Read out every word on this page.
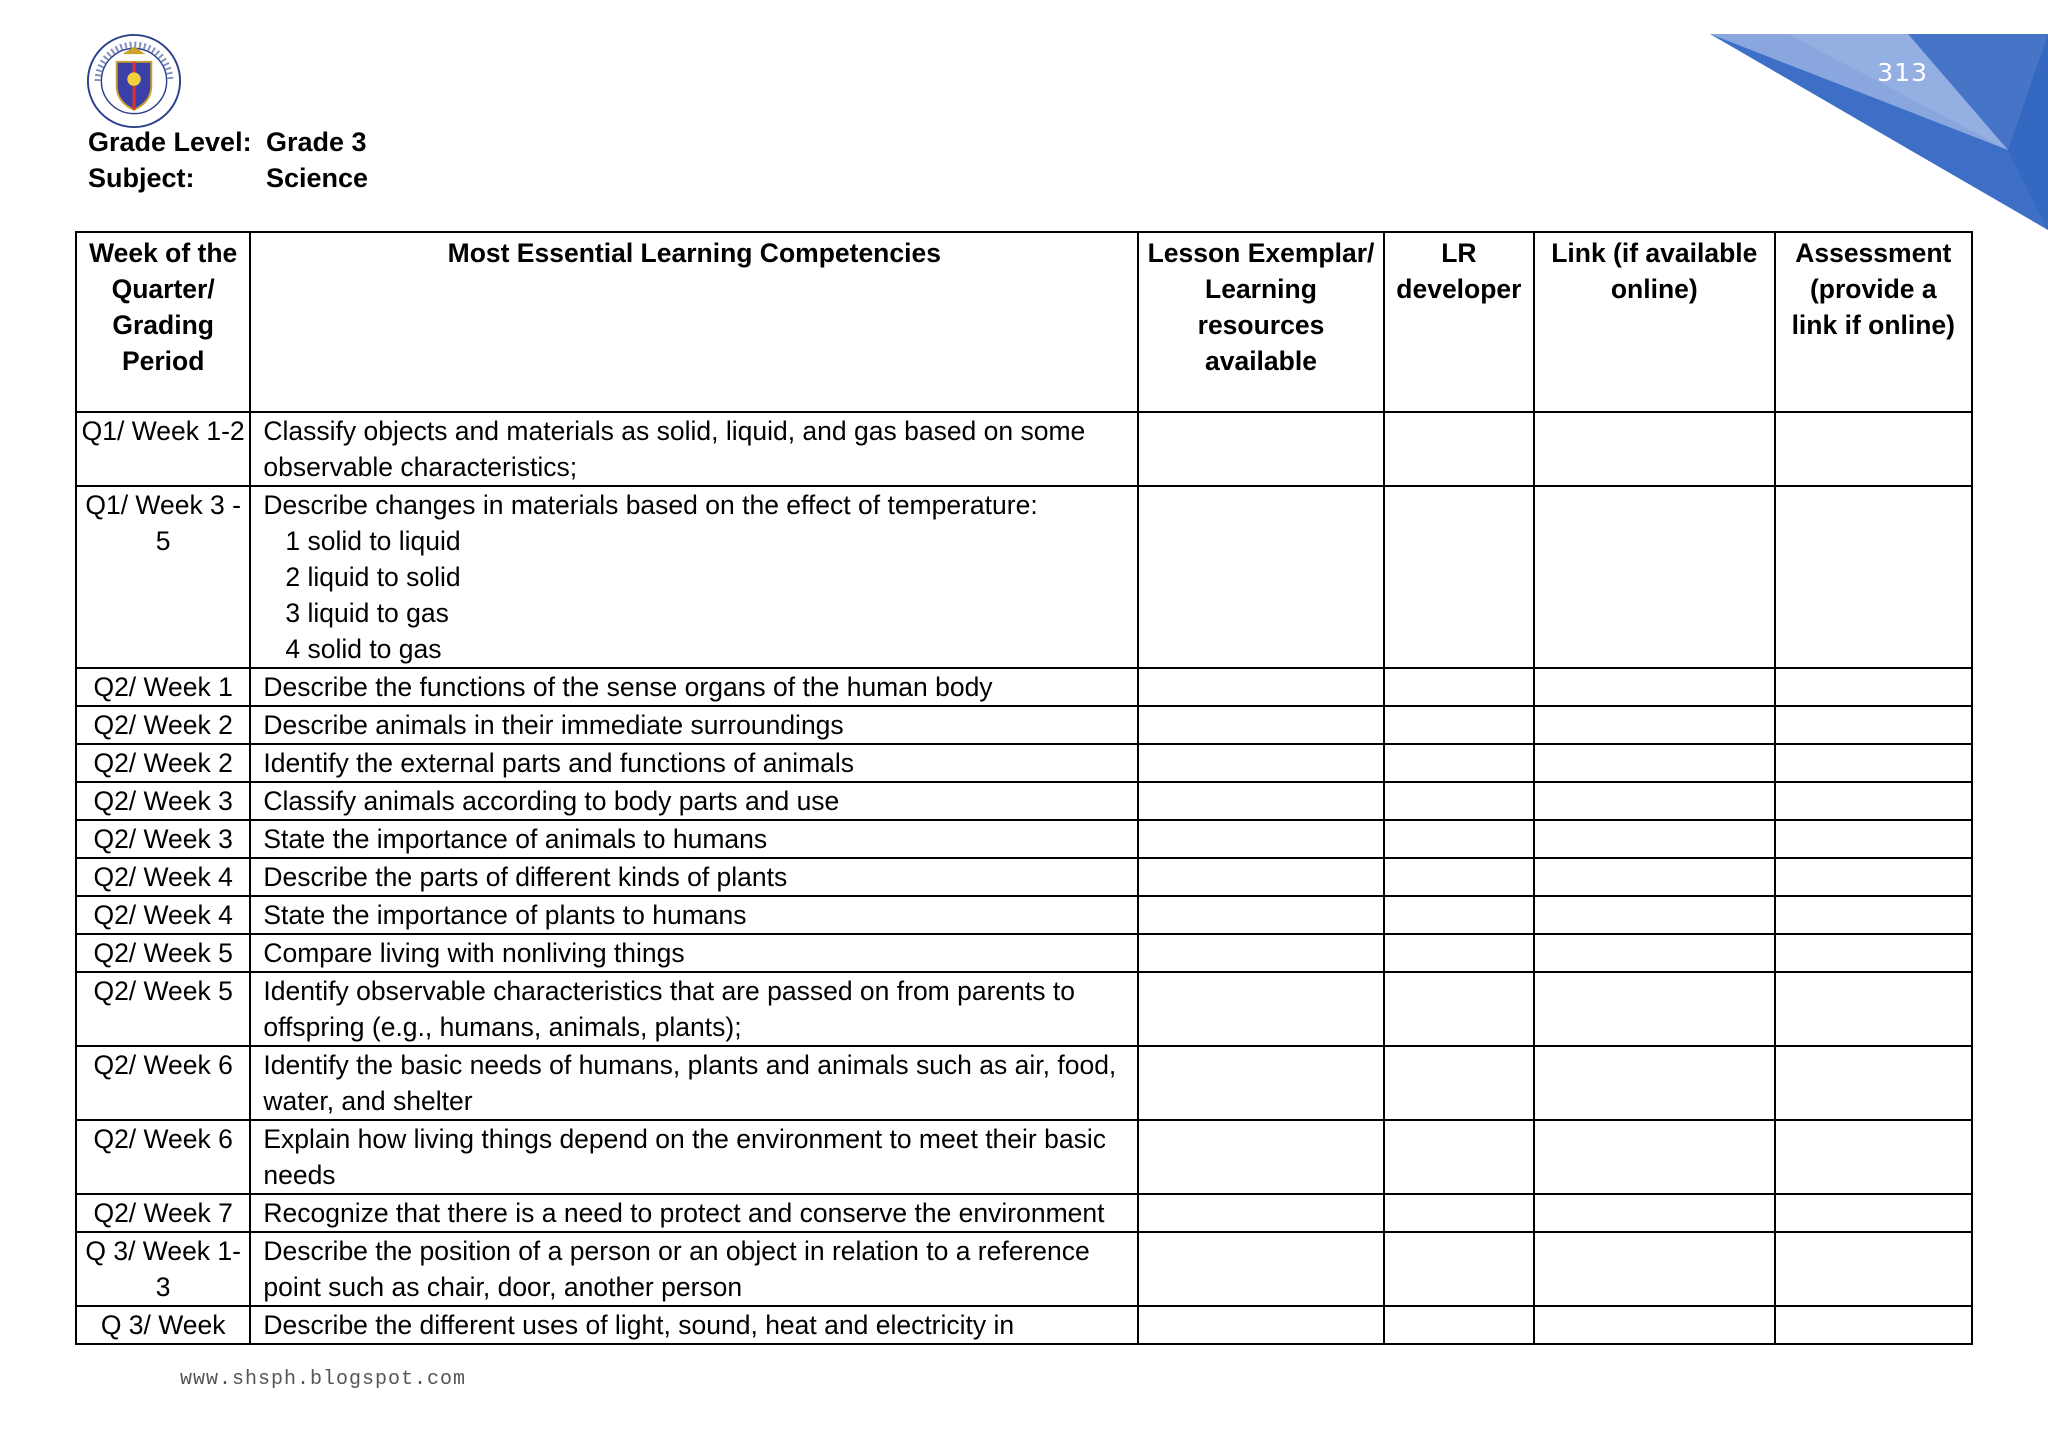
313
Grade Level: Grade 3
Subject:	Science
Week of the Quarter/ Grading Period	Most Essential Learning Competencies	Lesson Exemplar/ Learning resources available	LR developer	Link (if available online)	Assessment (provide a link if online)
Q1/ Week 1-2	Classify objects and materials as solid, liquid, and gas based on some observable characteristics;				
Q1/ Week 3 - 5	Describe changes in materials based on the effect of temperature:
1 solid to liquid
2 liquid to solid
3 liquid to gas
4 solid to gas				

Q2/ Week 1	Describe the functions of the sense organs of the human body				
Q2/ Week 2	Describe animals in their immediate surroundings				
Q2/ Week 2	Identify the external parts and functions of animals				
Q2/ Week 3	Classify animals according to body parts and use				
Q2/ Week 3	State the importance of animals to humans				
Q2/ Week 4	Describe the parts of different kinds of plants				
Q2/ Week 4	State the importance of plants to humans				
Q2/ Week 5	Compare living with nonliving things				
Q2/ Week 5	Identify observable characteristics that are passed on from parents to offspring (e.g., humans, animals, plants);				
Q2/ Week 6	Identify the basic needs of humans, plants and animals such as air, food, water, and shelter				
Q2/ Week 6	Explain how living things depend on the environment to meet their basic needs				
Q2/ Week 7	Recognize that there is a need to protect and conserve the environment				
Q 3/ Week 1-3	Describe the position of a person or an object in relation to a reference point such as chair, door, another person				
Q 3/ Week	Describe the different uses of light, sound, heat and electricity in				
www.shsph.blogspot.com
